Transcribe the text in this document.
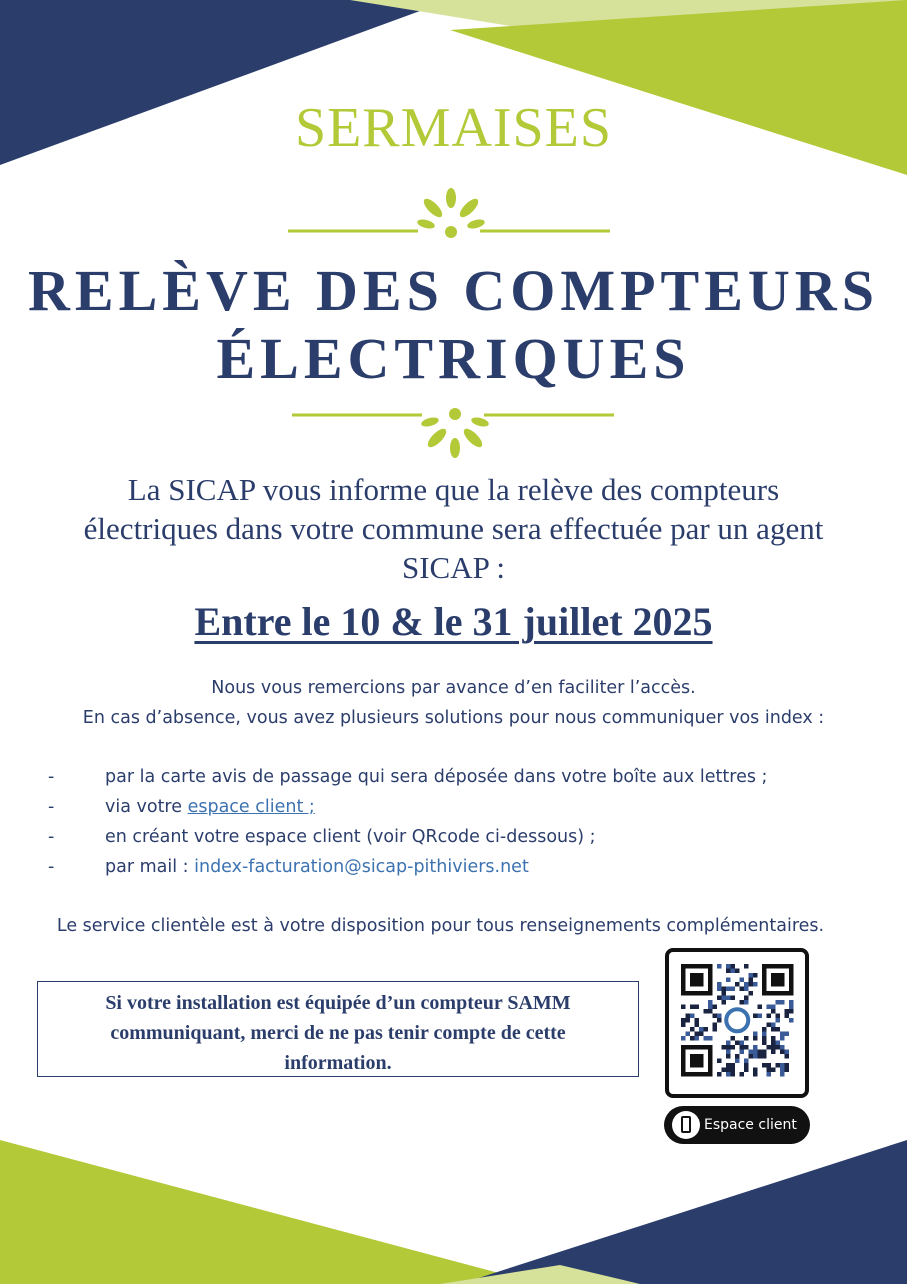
SERMAISES
RELÈVE DES COMPTEURS
ÉLECTRIQUES
La SICAP vous informe que la relève des compteurs
électriques dans votre commune sera effectuée par un agent
SICAP :
Entre le 10 & le 31 juillet 2025
Nous vous remercions par avance d’en faciliter l’accès.
En cas d’absence, vous avez plusieurs solutions pour nous communiquer vos index :
-	par la carte avis de passage qui sera déposée dans votre boîte aux lettres ;
-	via votre espace client ;
-	en créant votre espace client (voir QRcode ci-dessous) ;
-	par mail : index-facturation@sicap-pithiviers.net
Le service clientèle est à votre disposition pour tous renseignements complémentaires.
Si votre installation est équipée d’un compteur SAMM
communiquant, merci de ne pas tenir compte de cette
information.
Espace client
